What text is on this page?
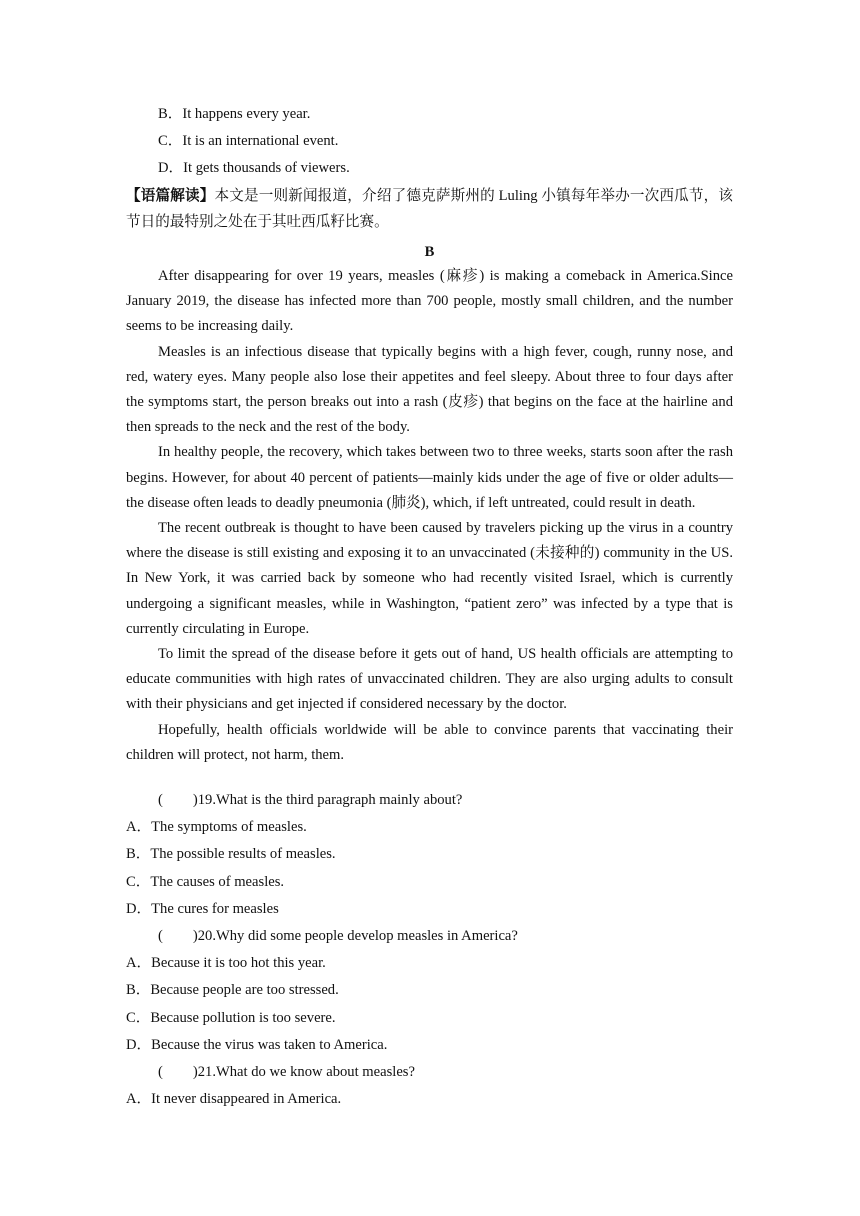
B．It happens every year.
C．It is an international event.
D．It gets thousands of viewers.
【语篇解读】本文是一则新闻报道，介绍了德克萨斯州的 Luling 小镇每年举办一次西瓜节，该节日的最特别之处在于其吐西瓜籽比赛。
B
After disappearing for over 19 years, measles (麻疹) is making a comeback in America.Since January 2019, the disease has infected more than 700 people, mostly small children, and the number seems to be increasing daily.
Measles is an infectious disease that typically begins with a high fever, cough, runny nose, and red, watery eyes. Many people also lose their appetites and feel sleepy. About three to four days after the symptoms start, the person breaks out into a rash (皮疹) that begins on the face at the hairline and then spreads to the neck and the rest of the body.
In healthy people, the recovery, which takes between two to three weeks, starts soon after the rash begins. However, for about 40 percent of patients—mainly kids under the age of five or older adults—the disease often leads to deadly pneumonia (肺炎), which, if left untreated, could result in death.
The recent outbreak is thought to have been caused by travelers picking up the virus in a country where the disease is still existing and exposing it to an unvaccinated (未接种的) community in the US. In New York, it was carried back by someone who had recently visited Israel, which is currently undergoing a significant measles, while in Washington, “patient zero” was infected by a type that is currently circulating in Europe.
To limit the spread of the disease before it gets out of hand, US health officials are attempting to educate communities with high rates of unvaccinated children. They are also urging adults to consult with their physicians and get injected if considered necessary by the doctor.
Hopefully, health officials worldwide will be able to convince parents that vaccinating their children will protect, not harm, them.
( )19.What is the third paragraph mainly about?
A．The symptoms of measles.
B．The possible results of measles.
C．The causes of measles.
D．The cures for measles
( )20.Why did some people develop measles in America?
A．Because it is too hot this year.
B．Because people are too stressed.
C．Because pollution is too severe.
D．Because the virus was taken to America.
( )21.What do we know about measles?
A．It never disappeared in America.
